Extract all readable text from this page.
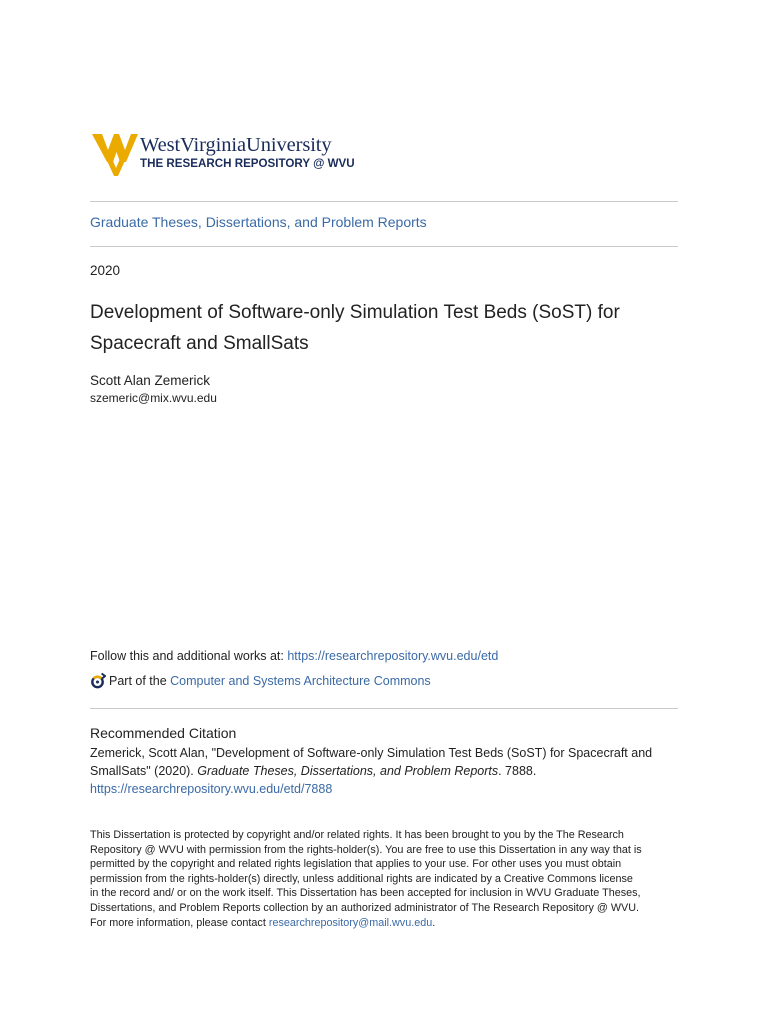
WestVirginiaUniversity
THE RESEARCH REPOSITORY @ WVU
Graduate Theses, Dissertations, and Problem Reports
2020
Development of Software-only Simulation Test Beds (SoST) for
Spacecraft and SmallSats
Scott Alan Zemerick
szemeric@mix.wvu.edu
Follow this and additional works at: https://researchrepository.wvu.edu/etd
Part of the Computer and Systems Architecture Commons
Recommended Citation
Zemerick, Scott Alan, "Development of Software-only Simulation Test Beds (SoST) for Spacecraft and
SmallSats" (2020). Graduate Theses, Dissertations, and Problem Reports. 7888.
https://researchrepository.wvu.edu/etd/7888
This Dissertation is protected by copyright and/or related rights. It has been brought to you by the The Research
Repository @ WVU with permission from the rights-holder(s). You are free to use this Dissertation in any way that is
permitted by the copyright and related rights legislation that applies to your use. For other uses you must obtain
permission from the rights-holder(s) directly, unless additional rights are indicated by a Creative Commons license
in the record and/ or on the work itself. This Dissertation has been accepted for inclusion in WVU Graduate Theses,
Dissertations, and Problem Reports collection by an authorized administrator of The Research Repository @ WVU.
For more information, please contact researchrepository@mail.wvu.edu.
